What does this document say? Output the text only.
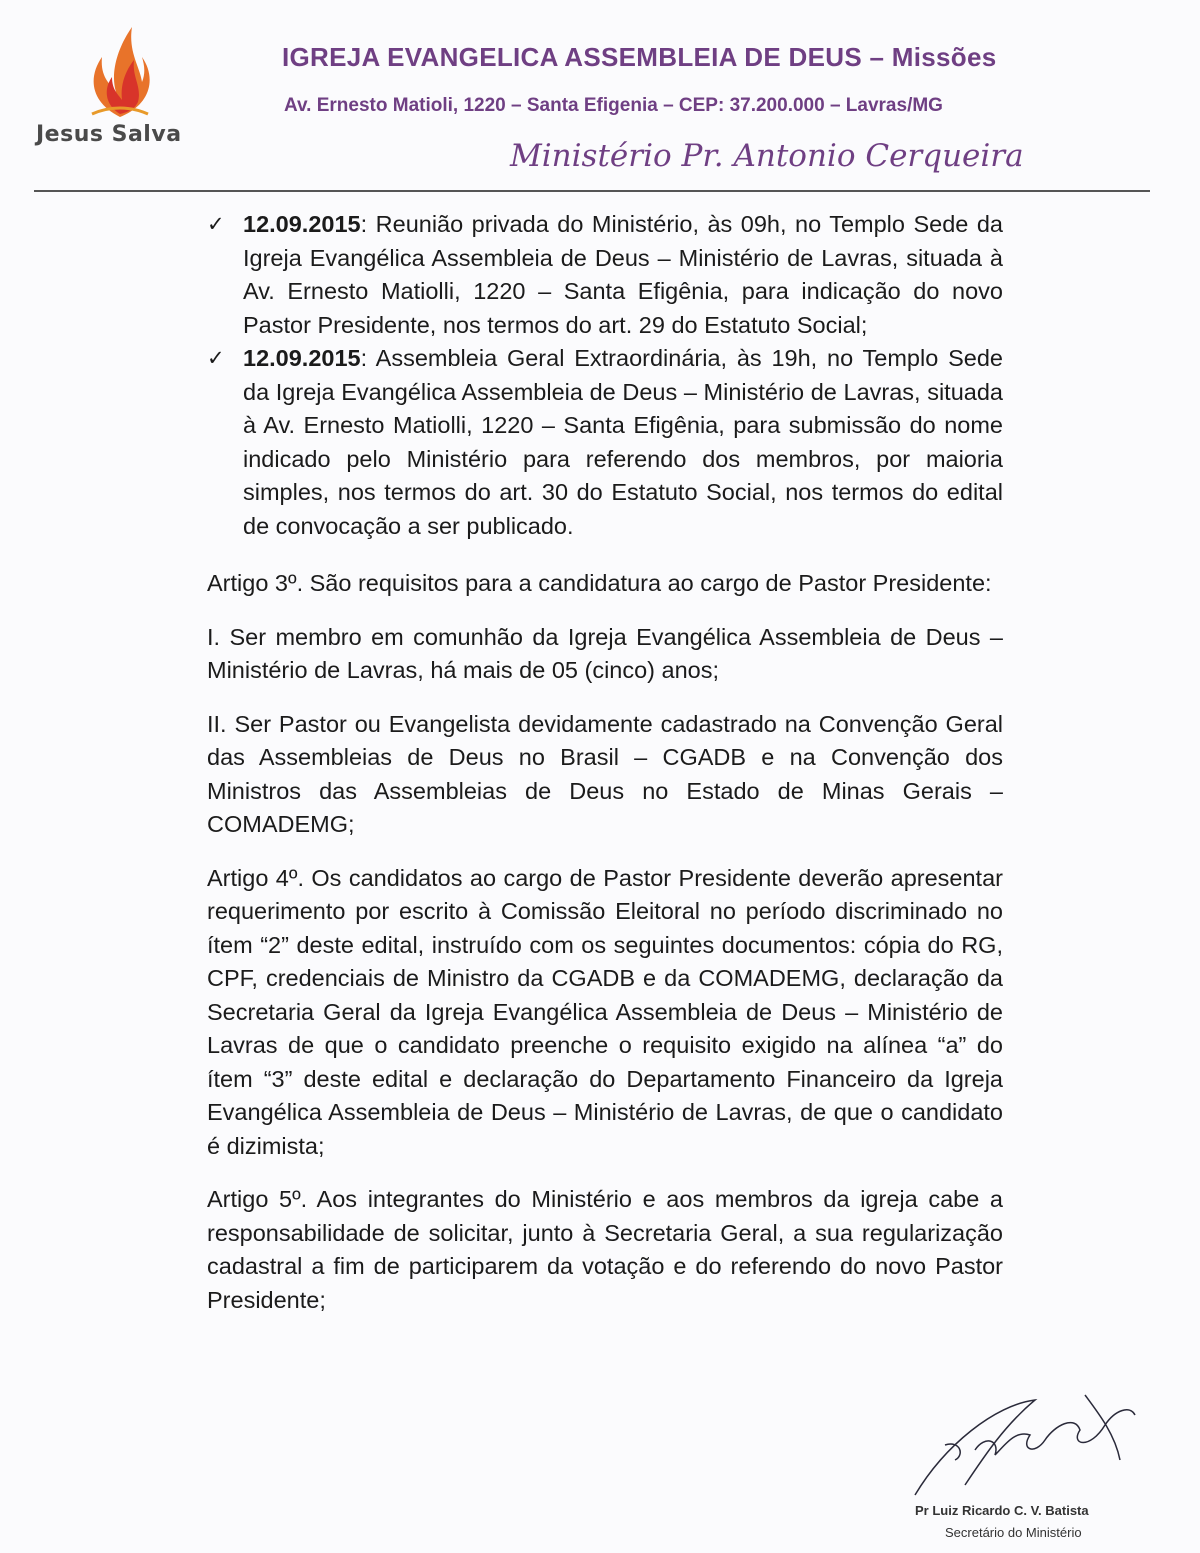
Jesus Salva
IGREJA EVANGELICA ASSEMBLEIA DE DEUS – Missões
Av. Ernesto Matioli, 1220 – Santa Efigenia – CEP: 37.200.000 – Lavras/MG
Ministério Pr. Antonio Cerqueira
✓ 12.09.2015: Reunião privada do Ministério, às 09h, no Templo Sede da Igreja Evangélica Assembleia de Deus – Ministério de Lavras, situada à Av. Ernesto Matiolli, 1220 – Santa Efigênia, para indicação do novo Pastor Presidente, nos termos do art. 29 do Estatuto Social;

✓ 12.09.2015: Assembleia Geral Extraordinária, às 19h, no Templo Sede da Igreja Evangélica Assembleia de Deus – Ministério de Lavras, situada à Av. Ernesto Matiolli, 1220 – Santa Efigênia, para submissão do nome indicado pelo Ministério para referendo dos membros, por maioria simples, nos termos do art. 30 do Estatuto Social, nos termos do edital de convocação a ser publicado.

Artigo 3º. São requisitos para a candidatura ao cargo de Pastor Presidente:

I. Ser membro em comunhão da Igreja Evangélica Assembleia de Deus – Ministério de Lavras, há mais de 05 (cinco) anos;

II. Ser Pastor ou Evangelista devidamente cadastrado na Convenção Geral das Assembleias de Deus no Brasil – CGADB e na Convenção dos Ministros das Assembleias de Deus no Estado de Minas Gerais – COMADEMG;

Artigo 4º. Os candidatos ao cargo de Pastor Presidente deverão apresentar requerimento por escrito à Comissão Eleitoral no período discriminado no ítem “2” deste edital, instruído com os seguintes documentos: cópia do RG, CPF, credenciais de Ministro da CGADB e da COMADEMG, declaração da Secretaria Geral da Igreja Evangélica Assembleia de Deus – Ministério de Lavras de que o candidato preenche o requisito exigido na alínea “a” do ítem “3” deste edital e declaração do Departamento Financeiro da Igreja Evangélica Assembleia de Deus – Ministério de Lavras, de que o candidato é dizimista;

Artigo 5º. Aos integrantes do Ministério e aos membros da igreja cabe a responsabilidade de solicitar, junto à Secretaria Geral, a sua regularização cadastral a fim de participarem da votação e do referendo do novo Pastor Presidente;

Pr Luiz Ricardo C. V. Batista
Secretário do Ministério
